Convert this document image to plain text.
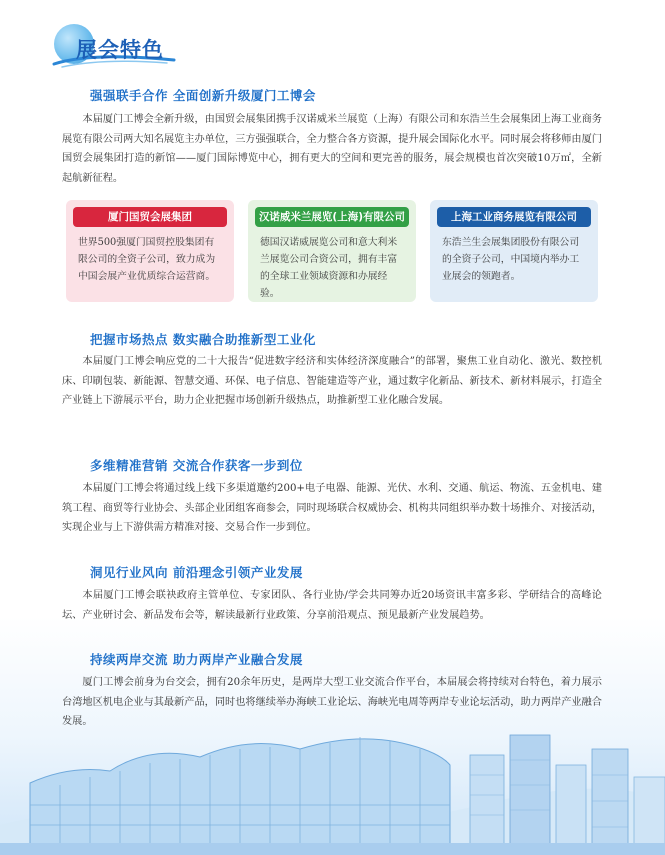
展会特色
强强联手合作 全面创新升级厦门工博会
本届厦门工博会全新升级，由国贸会展集团携手汉诺威米兰展览（上海）有限公司和东浩兰生会展集团上海工业商务展览有限公司两大知名展览主办单位，三方强强联合，全力整合各方资源，提升展会国际化水平。同时展会将移师由厦门国贸会展集团打造的新馆——厦门国际博览中心，拥有更大的空间和更完善的服务，展会规模也首次突破10万㎡，全新起航新征程。
厦门国贸会展集团
世界500强厦门国贸控股集团有限公司的全资子公司，致力成为中国会展产业优质综合运营商。
汉诺威米兰展览(上海)有限公司
德国汉诺威展览公司和意大利米兰展览公司合资公司，拥有丰富的全球工业领域资源和办展经验。
上海工业商务展览有限公司
东浩兰生会展集团股份有限公司的全资子公司，中国境内举办工业展会的领跑者。
把握市场热点 数实融合助推新型工业化
本届厦门工博会响应党的二十大报告“促进数字经济和实体经济深度融合”的部署，聚焦工业自动化、激光、数控机床、印刷包装、新能源、智慧交通、环保、电子信息、智能建造等产业，通过数字化新品、新技术、新材料展示，打造全产业链上下游展示平台，助力企业把握市场创新升级热点，助推新型工业化融合发展。
多维精准营销 交流合作获客一步到位
本届厦门工博会将通过线上线下多渠道邀约200+电子电器、能源、光伏、水利、交通、航运、物流、五金机电、建筑工程、商贸等行业协会、头部企业团组客商参会，同时现场联合权威协会、机构共同组织举办数十场推介、对接活动，实现企业与上下游供需方精准对接、交易合作一步到位。
洞见行业风向 前沿理念引领产业发展
本届厦门工博会联袂政府主管单位、专家团队、各行业协/学会共同筹办近20场资讯丰富多彩、学研结合的高峰论坛、产业研讨会、新品发布会等，解读最新行业政策、分享前沿观点、预见最新产业发展趋势。
持续两岸交流 助力两岸产业融合发展
厦门工博会前身为台交会，拥有20余年历史，是两岸大型工业交流合作平台，本届展会将持续对台特色，着力展示台湾地区机电企业与其最新产品，同时也将继续举办海峡工业论坛、海峡光电周等两岸专业论坛活动，助力两岸产业融合发展。
